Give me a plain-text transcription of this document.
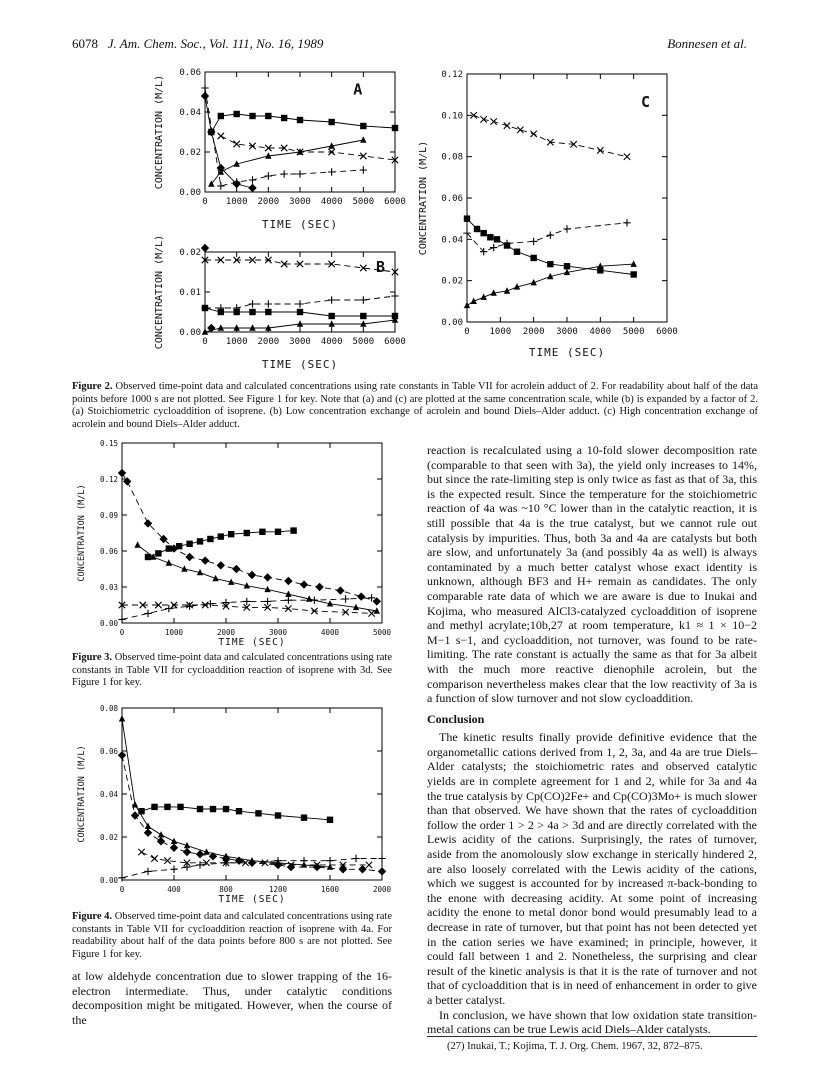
6078 J. Am. Chem. Soc., Vol. 111, No. 16, 1989	Bonnesen et al.
0 1000 2000 3000 4000 5000 6000
0.00
0.02
0.04
0.06
TIME (SEC)
CONCENTRATION (M/L)	A
0 1000 2000 3000 4000 5000 6000
0.00
0.01
0.02
TIME (SEC)
CONCENTRATION (M/L)	B
0 1000 2000 3000 4000 5000 6000
0.00
0.02
0.04
0.06
0.08
0.10
0.12
TIME (SEC)
CONCENTRATION (M/L)
C
Figure 2. Observed time-point data and calculated concentrations using rate constants in Table VII for acrolein adduct of 2. For readability about half of the data points before 1000 s are not plotted. See Figure 1 for key. Note that (a) and (c) are plotted at the same concentration scale, while (b) is expanded by a factor of 2. (a) Stoichiometric cycloaddition of isoprene. (b) Low concentration exchange of acrolein and bound Diels–Alder adduct. (c) High concentration exchange of acrolein and bound Diels–Alder adduct.
0	1000	2000	3000	4000	5000
0.00
0.03
0.06
0.09
0.12
0.15
TIME (SEC)
CONCENTRATION (M/L)
Figure 3. Observed time-point data and calculated concentrations using rate constants in Table VII for cycloaddition reaction of isoprene with 3d. See Figure 1 for key.
0	400	800	1200	1600	2000
0.00
0.02
0.04
0.06
0.08
TIME (SEC)
CONCENTRATION (M/L)
Figure 4. Observed time-point data and calculated concentrations using rate constants in Table VII for cycloaddition reaction of isoprene with 4a. For readability about half of the data points before 800 s are not plotted. See Figure 1 for key.

at low aldehyde concentration due to slower trapping of the 16-electron intermediate. Thus, under catalytic conditions decomposition might be mitigated. However, when the course of the

reaction is recalculated using a 10-fold slower decomposition rate (comparable to that seen with 3a), the yield only increases to 14%, but since the rate-limiting step is only twice as fast as that of 3a, this is the expected result. Since the temperature for the stoichiometric reaction of 4a was ~10 °C lower than in the catalytic reaction, it is still possible that 4a is the true catalyst, but we cannot rule out catalysis by impurities. Thus, both 3a and 4a are catalysts but both are slow, and unfortunately 3a (and possibly 4a as well) is always contaminated by a much better catalyst whose exact identity is unknown, although BF3 and H+ remain as candidates. The only comparable rate data of which we are aware is due to Inukai and Kojima, who measured AlCl3-catalyzed cycloaddition of isoprene and methyl acrylate;10b,27 at room temperature, k1 ≈ 1 × 10−2 M−1 s−1, and cycloaddition, not turnover, was found to be rate-limiting. The rate constant is actually the same as that for 3a albeit with the much more reactive dienophile acrolein, but the comparison nevertheless makes clear that the low reactivity of 3a is a function of slow turnover and not slow cycloaddition.

Conclusion

The kinetic results finally provide definitive evidence that the organometallic cations derived from 1, 2, 3a, and 4a are true Diels–Alder catalysts; the stoichiometric rates and observed catalytic yields are in complete agreement for 1 and 2, while for 3a and 4a the true catalysis by Cp(CO)2Fe+ and Cp(CO)3Mo+ is much slower than that observed. We have shown that the rates of cycloaddition follow the order 1 > 2 > 4a > 3d and are directly correlated with the Lewis acidity of the cations. Surprisingly, the rates of turnover, aside from the anomolously slow exchange in sterically hindered 2, are also loosely correlated with the Lewis acidity of the cations, which we suggest is accounted for by increased π-back-bonding to the enone with decreasing acidity. At some point of increasing acidity the enone to metal donor bond would presumably lead to a decrease in rate of turnover, but that point has not been detected yet in the cation series we have examined; in principle, however, it could fall between 1 and 2. Nonetheless, the surprising and clear result of the kinetic analysis is that it is the rate of turnover and not that of cycloaddition that is in need of enhancement in order to give a better catalyst.

In conclusion, we have shown that low oxidation state transition-metal cations can be true Lewis acid Diels–Alder catalysts.

(27) Inukai, T.; Kojima, T. J. Org. Chem. 1967, 32, 872–875.
